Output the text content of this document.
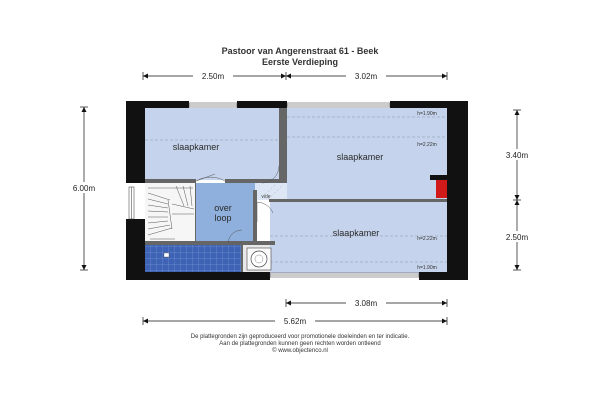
Pastoor van Angerenstraat 61 - Beek
Eerste Verdieping
2.50m	3.02m
6.00m
3.40m
2.50m
3.08m
5.62m
slaapkamer
slaapkamer
slaapkamer
over
loop
vide
h=1.90m
h=2.22m
h=2.22m
h=1.90m
De plattegronden zijn geproduceerd voor promotionele doeleinden en ter indicatie.
Aan de plattegronden kunnen geen rechten worden ontleend
© www.objectenco.nl
